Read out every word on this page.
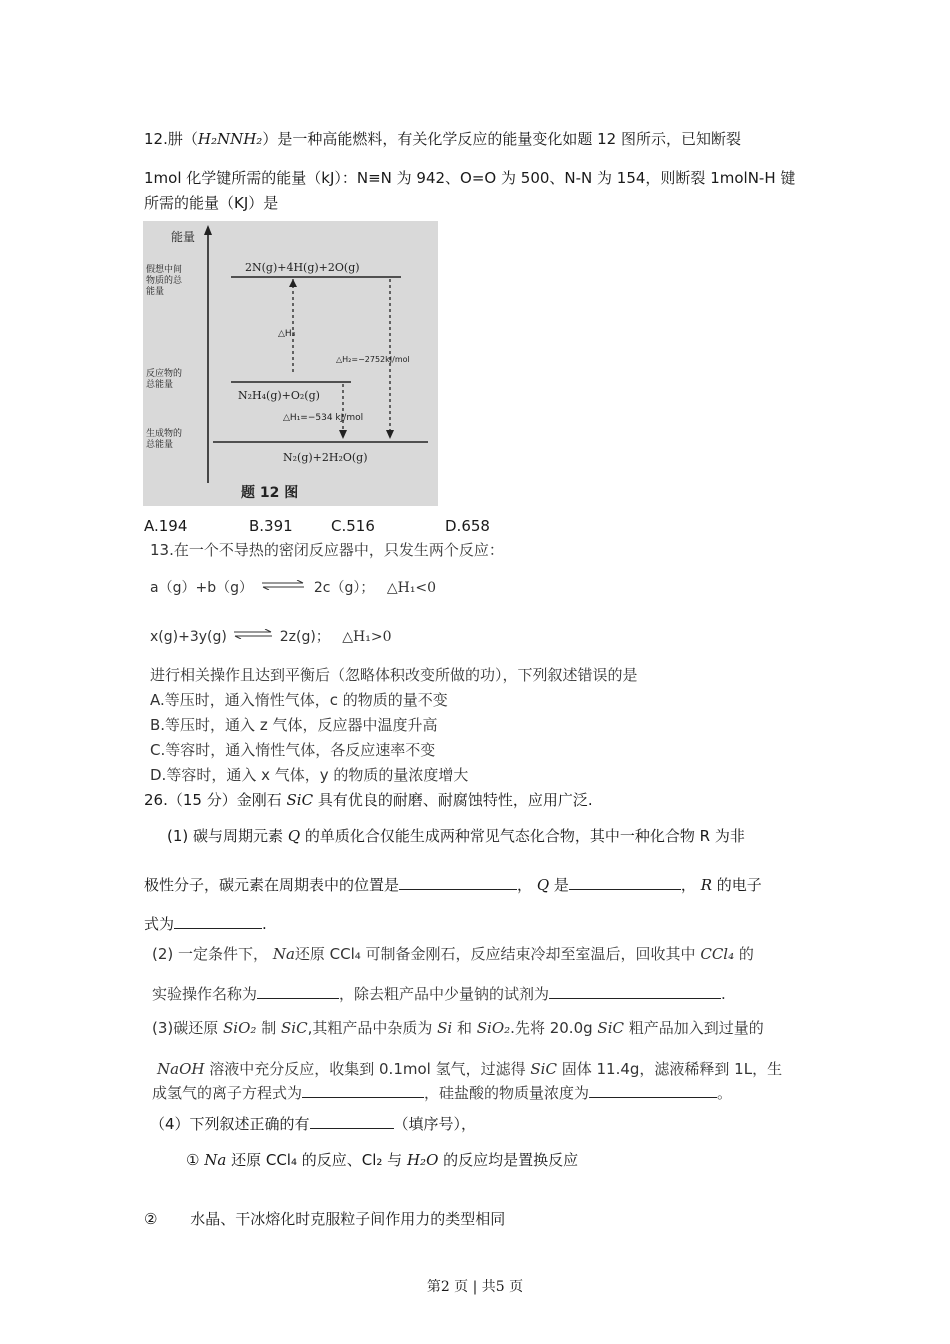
12.肼（H₂NNH₂）是一种高能燃料，有关化学反应的能量变化如题 12 图所示，已知断裂
1mol 化学键所需的能量（kJ）：N≡N 为 942、O=O 为 500、N-N 为 154，则断裂 1molN-H 键
所需的能量（KJ）是
能量
假想中间
物质的总
能量
反应物的
总能量
生成物的
总能量
2N(g)+4H(g)+2O(g)
N₂H₄(g)+O₂(g)
N₂(g)+2H₂O(g)
△H₃
△H₂=−2752kJ/mol
△H₁=−534 kJ/mol
题 12 图
A.194	B.391	C.516	D.658
13.在一个不导热的密闭反应器中，只发生两个反应：
a（g）+b（g） ⇌ 2c（g）； △H₁<0
x(g)+3y(g) ⇌ 2z(g)； △H₁>0
进行相关操作且达到平衡后（忽略体积改变所做的功），下列叙述错误的是
A.等压时，通入惰性气体，c 的物质的量不变
B.等压时，通入 z 气体，反应器中温度升高
C.等容时，通入惰性气体，各反应速率不变
D.等容时，通入 x 气体，y 的物质的量浓度增大
26.（15 分）金刚石 SiC 具有优良的耐磨、耐腐蚀特性，应用广泛.
(1) 碳与周期元素 Q 的单质化合仅能生成两种常见气态化合物，其中一种化合物 R 为非
极性分子，碳元素在周期表中的位置是	， Q 是	， R 的电子
式为	.
(2) 一定条件下， Na还原 CCl₄ 可制备金刚石，反应结束冷却至室温后，回收其中 CCl₄ 的
实验操作名称为	，除去粗产品中少量钠的试剂为	.
(3)碳还原 SiO₂ 制 SiC,其粗产品中杂质为 Si 和 SiO₂.先将 20.0g SiC 粗产品加入到过量的
NaOH 溶液中充分反应，收集到 0.1mol 氢气，过滤得 SiC 固体 11.4g，滤液稀释到 1L，生
成氢气的离子方程式为	，硅盐酸的物质量浓度为	。
（4）下列叙述正确的有	（填序号），
① Na 还原 CCl₄ 的反应、Cl₂ 与 H₂O 的反应均是置换反应
② 水晶、干冰熔化时克服粒子间作用力的类型相同
第2 页 | 共5 页
